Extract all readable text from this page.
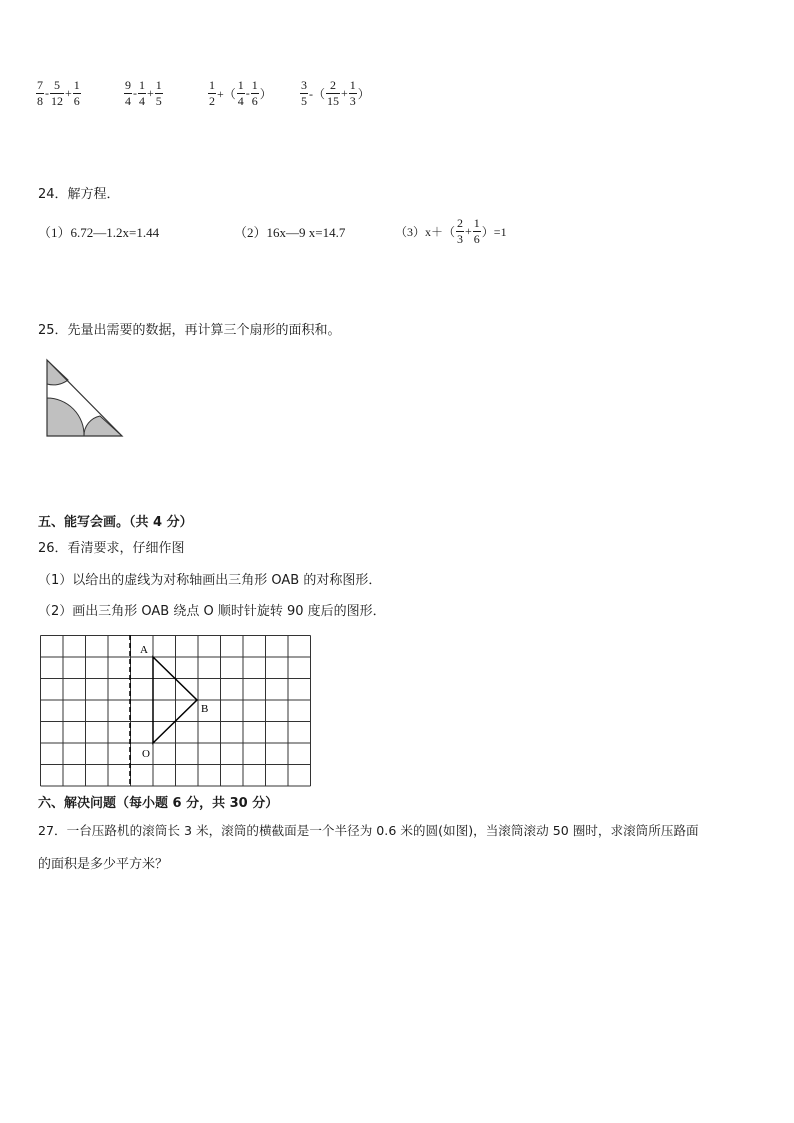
$\frac{7}{8} - \frac{5}{12} + \frac{1}{6}$	$\frac{9}{4} - \frac{1}{4} + \frac{1}{5}$	$\frac{1}{2}$ +（ $\frac{1}{4} - \frac{1}{6}$ ） $\frac{3}{5}$ -（ $\frac{2}{15} + \frac{1}{3}$ ）
24．解方程．
（1）6.72—1.2x=1.44	（2）16x—9 x=14.7	$(3)x+( \frac{2}{3} + \frac{1}{6} )=1$
25．先量出需要的数据，再计算三个扇形的面积和。
五、能写会画。（共 4 分）
26．看清要求，仔细作图
（1）以给出的虚线为对称轴画出三角形 OAB 的对称图形．
（2）画出三角形 OAB 绕点 O 顺时针旋转 90 度后的图形．
A
B
O
六、解决问题（每小题 6 分，共 30 分）
27．一台压路机的滚筒长 3 米，滚筒的横截面是一个半径为 0.6 米的圆(如图)，当滚筒滚动 50 圈时，求滚筒所压路面
的面积是多少平方米？
